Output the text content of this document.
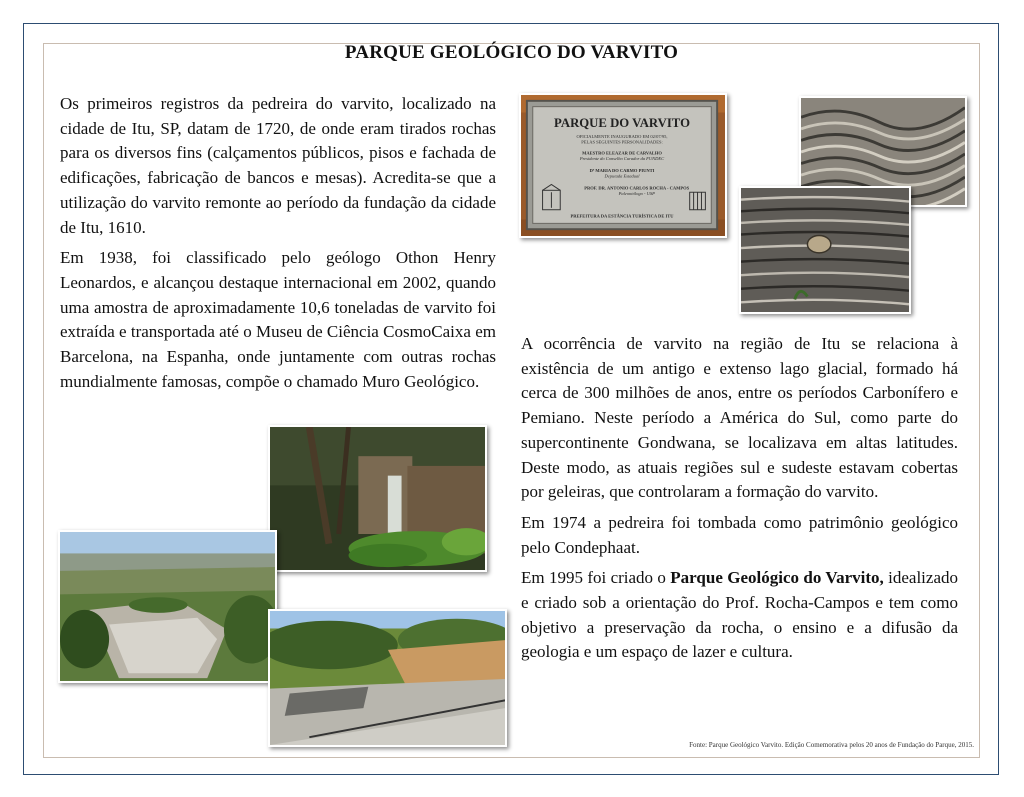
PARQUE GEOLÓGICO DO VARVITO

Os primeiros registros da pedreira do varvito, localizado na cidade de Itu, SP, datam de 1720, de onde eram tirados rochas para os diversos fins (calçamentos públicos, pisos e fachada de edificações, fabricação de bancos e mesas). Acredita-se que a utilização do varvito remonte ao período da fundação da cidade de Itu, 1610.

Em 1938, foi classificado pelo geólogo Othon Henry Leonardos, e alcançou destaque internacional em 2002, quando uma amostra de aproximadamente 10,6 toneladas de varvito foi extraída e transportada até o Museu de Ciência CosmoCaixa em Barcelona, na Espanha, onde juntamente com outras rochas mundialmente famosas, compõe o chamado Muro Geológico.

A ocorrência de varvito na região de Itu se relaciona à existência de um antigo e extenso lago glacial, formado há cerca de 300 milhões de anos, entre os períodos Carbonífero e Pemiano. Neste período a América do Sul, como parte do supercontinente Gondwana, se localizava em altas latitudes. Deste modo, as atuais regiões sul e sudeste estavam cobertas por geleiras, que controlaram a formação do varvito.

Em 1974 a pedreira foi tombada como patrimônio geológico pelo Condephaat.

Em 1995 foi criado o Parque Geológico do Varvito, idealizado e criado sob a orientação do Prof. Rocha-Campos e tem como objetivo a preservação da rocha, o ensino e a difusão da geologia e um espaço de lazer e cultura.

PARQUE DO VARVITO
OFICIALMENTE INAUGURADO EM 02/07/95,
PELAS SEGUINTES PERSONALIDADES:
MAESTRO ELEAZAR DE CARVALHO
Presidente do Conselho Curador da FUNDEC
Dª MARIA DO CARMO PIUNTI
Deputada Estadual
PROF. DR. ANTONIO CARLOS ROCHA - CAMPOS
Paleontólogo - USP
PREFEITURA DA ESTÂNCIA TURÍSTICA DE ITU
Fonte: Parque Geológico Varvito. Edição Comemorativa pelos 20 anos de Fundação do Parque, 2015.
